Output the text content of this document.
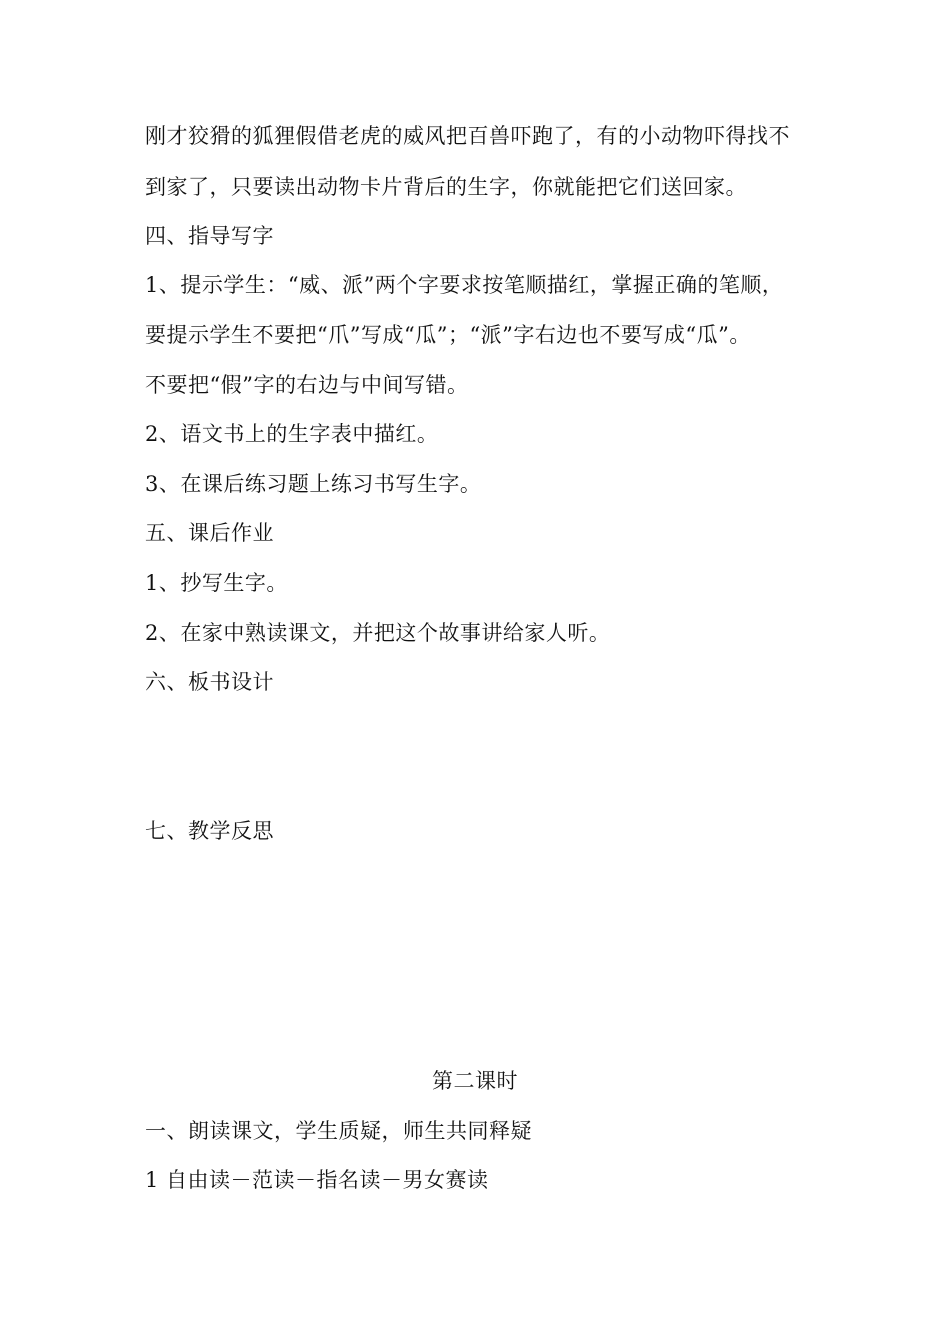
刚才狡猾的狐狸假借老虎的威风把百兽吓跑了，有的小动物吓得找不
到家了，只要读出动物卡片背后的生字，你就能把它们送回家。
四、指导写字
1、提示学生：“威、派”两个字要求按笔顺描红，掌握正确的笔顺，
要提示学生不要把“爪”写成“瓜”；“派”字右边也不要写成“瓜”。
不要把“假”字的右边与中间写错。
2、语文书上的生字表中描红。
3、在课后练习题上练习书写生字。
五、课后作业
1、抄写生字。
2、在家中熟读课文，并把这个故事讲给家人听。
六、板书设计
七、教学反思
第二课时
一、朗读课文，学生质疑，师生共同释疑
1 自由读－范读－指名读－男女赛读
